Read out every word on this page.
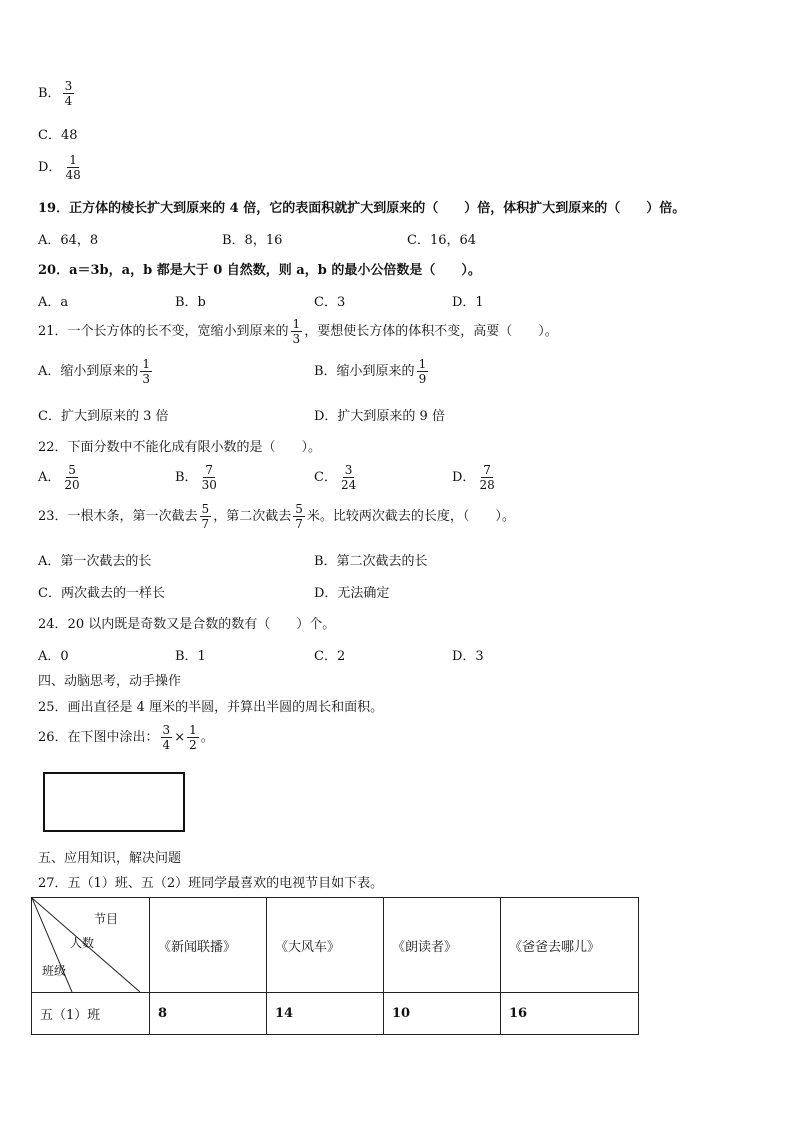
B． $\frac{3}{4}$
C．48
D． $\frac{1}{48}$
19．正方体的棱长扩大到原来的 4 倍，它的表面积就扩大到原来的（　　）倍，体积扩大到原来的（　　）倍。
A．64，8	B．8，16	C．16，64
20．a＝3b，a，b 都是大于 0 自然数，则 a，b 的最小公倍数是（　　）。
A．a	B．b	C．3	D．1
21．一个长方体的长不变，宽缩小到原来的 $\frac{1}{3}$ ，要想使长方体的体积不变，高要（　　）。
A．缩小到原来的 $\frac{1}{3}$	B．缩小到原来的 $\frac{1}{9}$
C．扩大到原来的 3 倍	D．扩大到原来的 9 倍
22．下面分数中不能化成有限小数的是（　　）。
A． $\frac{5}{20}$	B． $\frac{7}{30}$	C． $\frac{3}{24}$	D． $\frac{7}{28}$
23．一根木条，第一次截去 $\frac{5}{7}$ ，第二次截去 $\frac{5}{7}$ 米。比较两次截去的长度，（　　）。
A．第一次截去的长	B．第二次截去的长
C．两次截去的一样长	D．无法确定
24．20 以内既是奇数又是合数的数有（　　）个。
A．0	B．1	C．2	D．3
四、动脑思考，动手操作
25．画出直径是 4 厘米的半圆，并算出半圆的周长和面积。
26．在下图中涂出： $\frac{3}{4} \times \frac{1}{2}$ 。
五、应用知识，解决问题
27．五（1）班、五（2）班同学最喜欢的电视节目如下表。
节目
人数
班级	《新闻联播》	《大风车》	《朗读者》	《爸爸去哪儿》
五（1）班	8	14	10	16
